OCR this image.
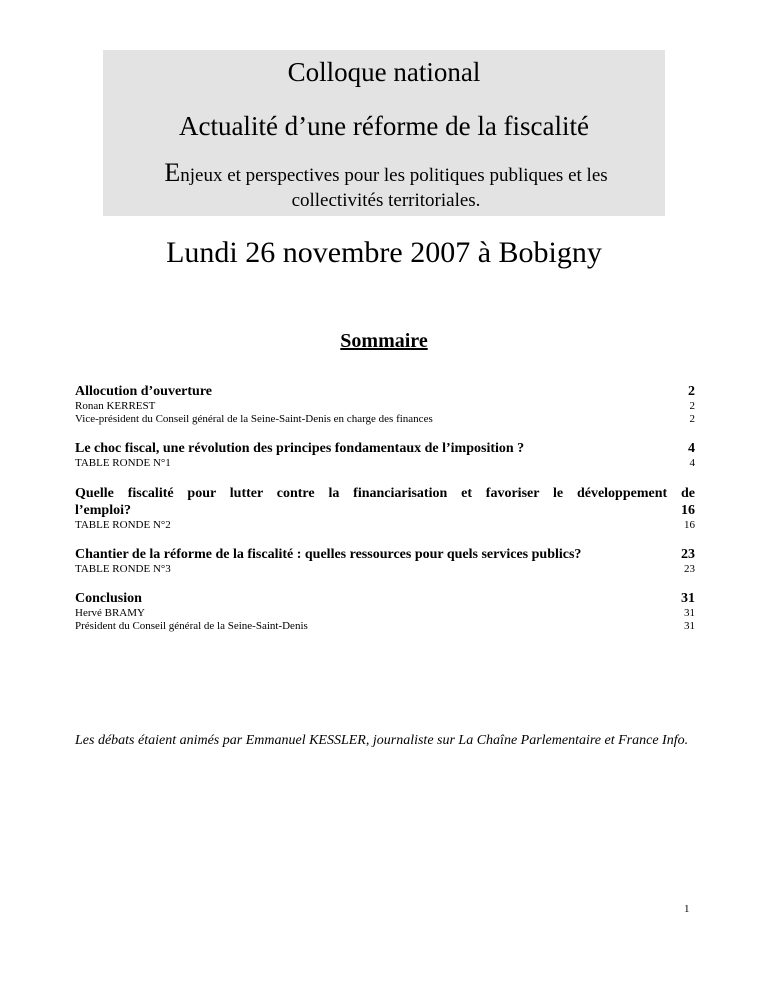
Colloque national
Actualité d’une réforme de la fiscalité
Enjeux et perspectives pour les politiques publiques et les
collectivités territoriales.
Lundi 26 novembre 2007 à Bobigny
Sommaire
Allocution d’ouverture	2
Ronan KERREST	2
Vice-président du Conseil général de la Seine-Saint-Denis en charge des finances	2
Le choc fiscal, une révolution des principes fondamentaux de l’imposition ?	4
TABLE RONDE N°1	4
Quelle fiscalité pour lutter contre la financiarisation et favoriser le développement de
l’emploi?	16
TABLE RONDE N°2	16
Chantier de la réforme de la fiscalité : quelles ressources pour quels services publics?	23
TABLE RONDE N°3	23
Conclusion	31
Hervé BRAMY	31
Président du Conseil général de la Seine-Saint-Denis	31
Les débats étaient animés par Emmanuel KESSLER, journaliste sur La Chaîne Parlementaire et France Info.
1
